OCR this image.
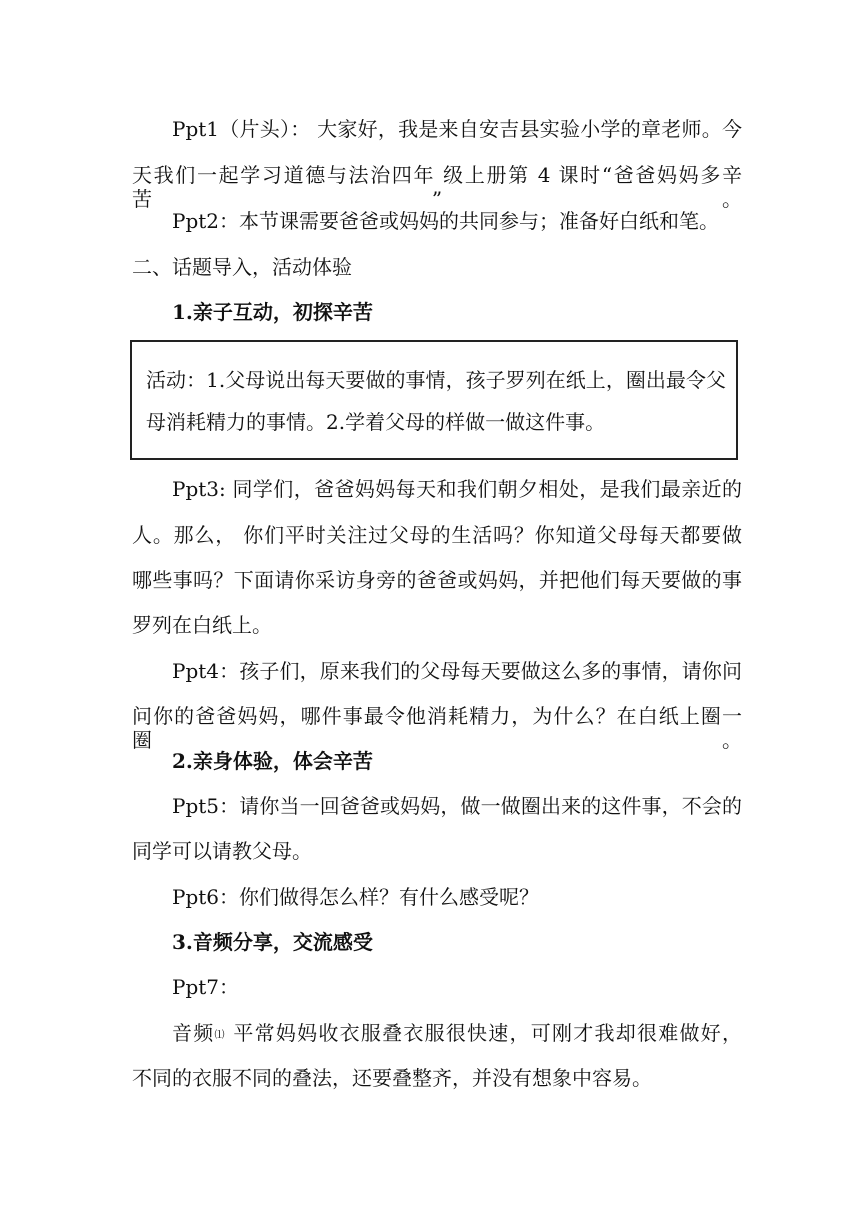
Ppt1（片头）： 大家好，我是来自安吉县实验小学的章老师。今
天我们一起学习道德与法治四年 级上册第 4 课时“爸爸妈妈多辛苦”。
Ppt2：本节课需要爸爸或妈妈的共同参与；准备好白纸和笔。
二、话题导入，活动体验
1.亲子互动，初探辛苦
活动：1.父母说出每天要做的事情，孩子罗列在纸上，圈出最令父
母消耗精力的事情。2.学着父母的样做一做这件事。
Ppt3: 同学们，爸爸妈妈每天和我们朝夕相处，是我们最亲近的
人。那么， 你们平时关注过父母的生活吗？你知道父母每天都要做
哪些事吗？下面请你采访身旁的爸爸或妈妈，并把他们每天要做的事
罗列在白纸上。
Ppt4：孩子们，原来我们的父母每天要做这么多的事情，请你问
问你的爸爸妈妈，哪件事最令他消耗精力，为什么？在白纸上圈一圈。
2.亲身体验，体会辛苦
Ppt5：请你当一回爸爸或妈妈，做一做圈出来的这件事，不会的
同学可以请教父母。
Ppt6：你们做得怎么样？有什么感受呢？
3.音频分享，交流感受
Ppt7：
音频⑴ 平常妈妈收衣服叠衣服很快速，可刚才我却很难做好，
不同的衣服不同的叠法，还要叠整齐，并没有想象中容易。
